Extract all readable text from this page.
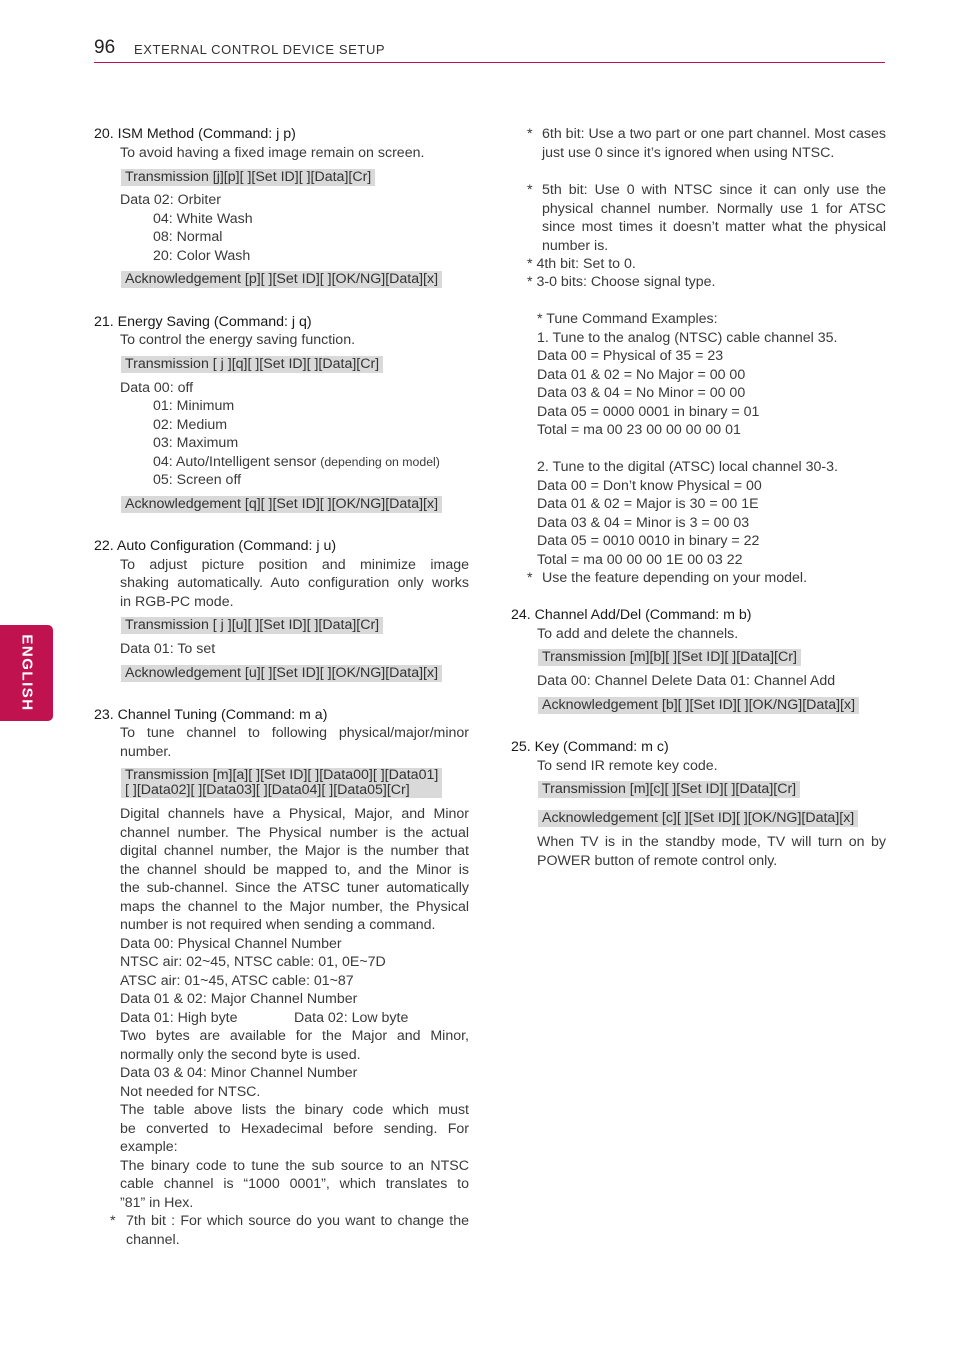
96 EXTERNAL CONTROL DEVICE SETUP
ENGLISH
20. ISM Method (Command: j p)
To avoid having a fixed image remain on screen.
Transmission [j][p][ ][Set ID][ ][Data][Cr]
Data 02: Orbiter
04: White Wash
08: Normal
20: Color Wash
Acknowledgement [p][ ][Set ID][ ][OK/NG][Data][x]
21. Energy Saving (Command: j q)
To control the energy saving function.
Transmission [ j ][q][ ][Set ID][ ][Data][Cr]
Data 00: off
01: Minimum
02: Medium
03: Maximum
04: Auto/Intelligent sensor (depending on model)
05: Screen off
Acknowledgement [q][ ][Set ID][ ][OK/NG][Data][x]
22. Auto Configuration (Command: j u)
To adjust picture position and minimize image
shaking automatically. Auto configuration only works
in RGB-PC mode.
Transmission [ j ][u][ ][Set ID][ ][Data][Cr]
Data 01: To set
Acknowledgement [u][ ][Set ID][ ][OK/NG][Data][x]
23. Channel Tuning (Command: m a)
To tune channel to following physical/major/minor
number.
Transmission [m][a][ ][Set ID][ ][Data00][ ][Data01]
[ ][Data02][ ][Data03][ ][Data04][ ][Data05][Cr]
Digital channels have a Physical, Major, and Minor
channel number. The Physical number is the actual
digital channel number, the Major is the number that
the channel should be mapped to, and the Minor is
the sub-channel. Since the ATSC tuner automatically
maps the channel to the Major number, the Physical
number is not required when sending a command.
Data 00: Physical Channel Number
NTSC air: 02~45, NTSC cable: 01, 0E~7D
ATSC air: 01~45, ATSC cable: 01~87
Data 01 & 02: Major Channel Number
Data 01: High byte	Data 02: Low byte
Two bytes are available for the Major and Minor,
normally only the second byte is used.
Data 03 & 04: Minor Channel Number
Not needed for NTSC.
The table above lists the binary code which must
be converted to Hexadecimal before sending. For
example:
The binary code to tune the sub source to an NTSC
cable channel is “1000 0001”, which translates to
”81” in Hex.
* 7th bit : For which source do you want to change the channel.
* 6th bit: Use a two part or one part channel. Most cases just use 0 since it’s ignored when using NTSC.
* 5th bit: Use 0 with NTSC since it can only use the physical channel number. Normally use 1 for ATSC since most times it doesn’t matter what the physical number is.
* 4th bit: Set to 0.
* 3-0 bits: Choose signal type.
* Tune Command Examples:
1. Tune to the analog (NTSC) cable channel 35.
Data 00 = Physical of 35 = 23
Data 01 & 02 = No Major = 00 00
Data 03 & 04 = No Minor = 00 00
Data 05 = 0000 0001 in binary = 01
Total = ma 00 23 00 00 00 00 01
2. Tune to the digital (ATSC) local channel 30-3.
Data 00 = Don’t know Physical = 00
Data 01 & 02 = Major is 30 = 00 1E
Data 03 & 04 = Minor is 3 = 00 03
Data 05 = 0010 0010 in binary = 22
Total = ma 00 00 00 1E 00 03 22
* Use the feature depending on your model.
24. Channel Add/Del (Command: m b)
To add and delete the channels.
Transmission [m][b][ ][Set ID][ ][Data][Cr]
Data 00: Channel Delete Data 01: Channel Add
Acknowledgement [b][ ][Set ID][ ][OK/NG][Data][x]
25. Key (Command: m c)
To send IR remote key code.
Transmission [m][c][ ][Set ID][ ][Data][Cr]
Acknowledgement [c][ ][Set ID][ ][OK/NG][Data][x]
When TV is in the standby mode, TV will turn on by
POWER button of remote control only.
